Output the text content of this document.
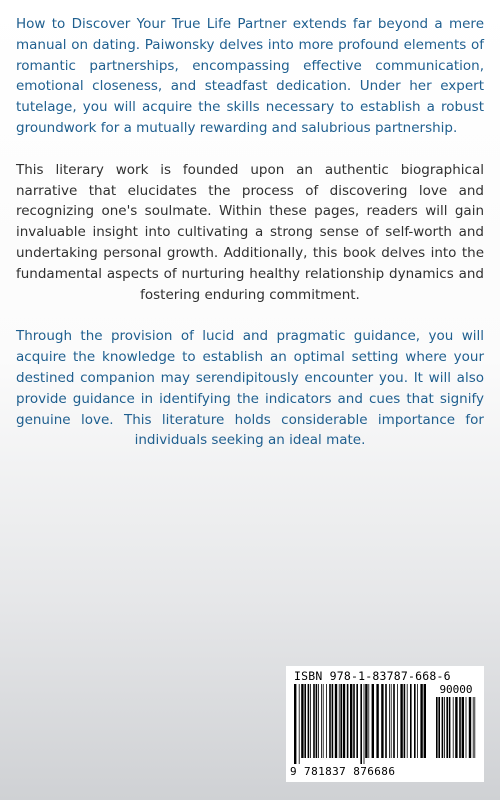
How to Discover Your True Life Partner extends far beyond a mere manual on dating. Paiwonsky delves into more profound elements of romantic partnerships, encompassing effective communication, emotional closeness, and steadfast dedication. Under her expert tutelage, you will acquire the skills necessary to establish a robust groundwork for a mutually rewarding and salubrious partnership.

This literary work is founded upon an authentic biographical narrative that elucidates the process of discovering love and recognizing one's soulmate. Within these pages, readers will gain invaluable insight into cultivating a strong sense of self-worth and undertaking personal growth. Additionally, this book delves into the fundamental aspects of nurturing healthy relationship dynamics and fostering enduring commitment.

Through the provision of lucid and pragmatic guidance, you will acquire the knowledge to establish an optimal setting where your destined companion may serendipitously encounter you. It will also provide guidance in identifying the indicators and cues that signify genuine love. This literature holds considerable importance for individuals seeking an ideal mate.

ISBN 978-1-83787-668-6
90000
9 781837 876686
